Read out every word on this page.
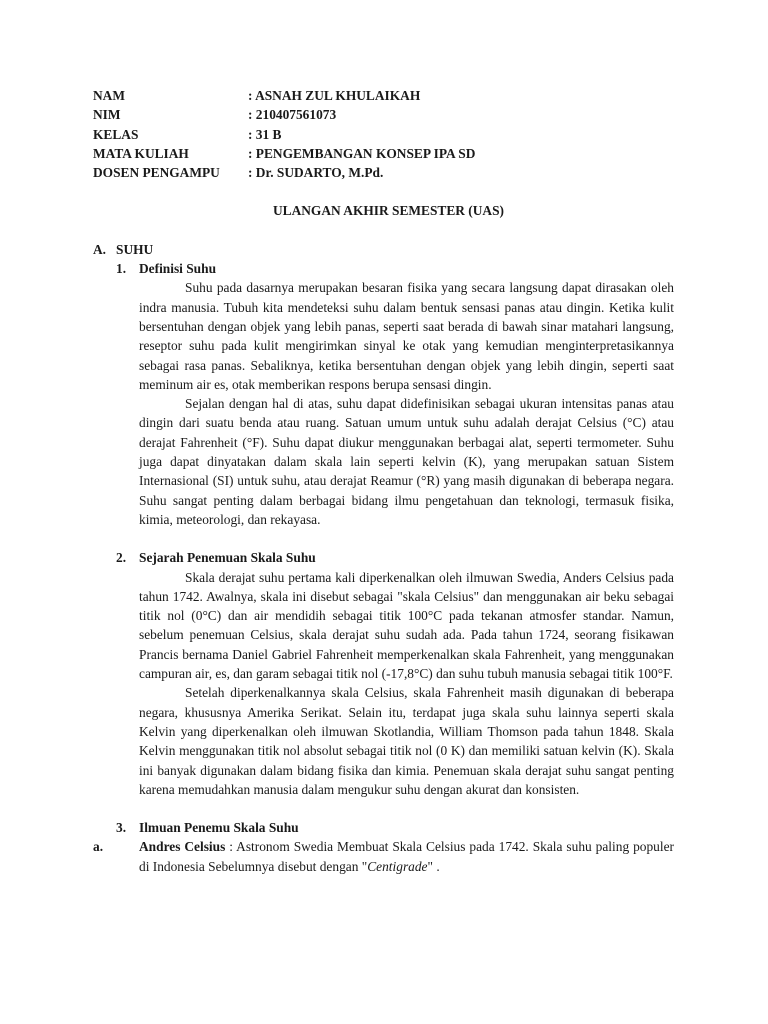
NAM	: ASNAH ZUL KHULAIKAH
NIM	: 210407561073
KELAS	: 31 B
MATA KULIAH	: PENGEMBANGAN KONSEP IPA SD
DOSEN PENGAMPU	: Dr. SUDARTO, M.Pd.
ULANGAN AKHIR SEMESTER (UAS)
A. SUHU
1. Definisi Suhu

Suhu pada dasarnya merupakan besaran fisika yang secara langsung dapat dirasakan oleh indra manusia. Tubuh kita mendeteksi suhu dalam bentuk sensasi panas atau dingin. Ketika kulit bersentuhan dengan objek yang lebih panas, seperti saat berada di bawah sinar matahari langsung, reseptor suhu pada kulit mengirimkan sinyal ke otak yang kemudian menginterpretasikannya sebagai rasa panas. Sebaliknya, ketika bersentuhan dengan objek yang lebih dingin, seperti saat meminum air es, otak memberikan respons berupa sensasi dingin.

Sejalan dengan hal di atas, suhu dapat didefinisikan sebagai ukuran intensitas panas atau dingin dari suatu benda atau ruang. Satuan umum untuk suhu adalah derajat Celsius (°C) atau derajat Fahrenheit (°F). Suhu dapat diukur menggunakan berbagai alat, seperti termometer. Suhu juga dapat dinyatakan dalam skala lain seperti kelvin (K), yang merupakan satuan Sistem Internasional (SI) untuk suhu, atau derajat Reamur (°R) yang masih digunakan di beberapa negara. Suhu sangat penting dalam berbagai bidang ilmu pengetahuan dan teknologi, termasuk fisika, kimia, meteorologi, dan rekayasa.

2. Sejarah Penemuan Skala Suhu

Skala derajat suhu pertama kali diperkenalkan oleh ilmuwan Swedia, Anders Celsius pada tahun 1742. Awalnya, skala ini disebut sebagai "skala Celsius" dan menggunakan air beku sebagai titik nol (0°C) dan air mendidih sebagai titik 100°C pada tekanan atmosfer standar. Namun, sebelum penemuan Celsius, skala derajat suhu sudah ada. Pada tahun 1724, seorang fisikawan Prancis bernama Daniel Gabriel Fahrenheit memperkenalkan skala Fahrenheit, yang menggunakan campuran air, es, dan garam sebagai titik nol (-17,8°C) dan suhu tubuh manusia sebagai titik 100°F.

Setelah diperkenalkannya skala Celsius, skala Fahrenheit masih digunakan di beberapa negara, khususnya Amerika Serikat. Selain itu, terdapat juga skala suhu lainnya seperti skala Kelvin yang diperkenalkan oleh ilmuwan Skotlandia, William Thomson pada tahun 1848. Skala Kelvin menggunakan titik nol absolut sebagai titik nol (0 K) dan memiliki satuan kelvin (K). Skala ini banyak digunakan dalam bidang fisika dan kimia. Penemuan skala derajat suhu sangat penting karena memudahkan manusia dalam mengukur suhu dengan akurat dan konsisten.

3. Ilmuan Penemu Skala Suhu
a.	Andres Celsius : Astronom Swedia Membuat Skala Celsius pada 1742. Skala suhu paling populer di Indonesia Sebelumnya disebut dengan "Centigrade" .
